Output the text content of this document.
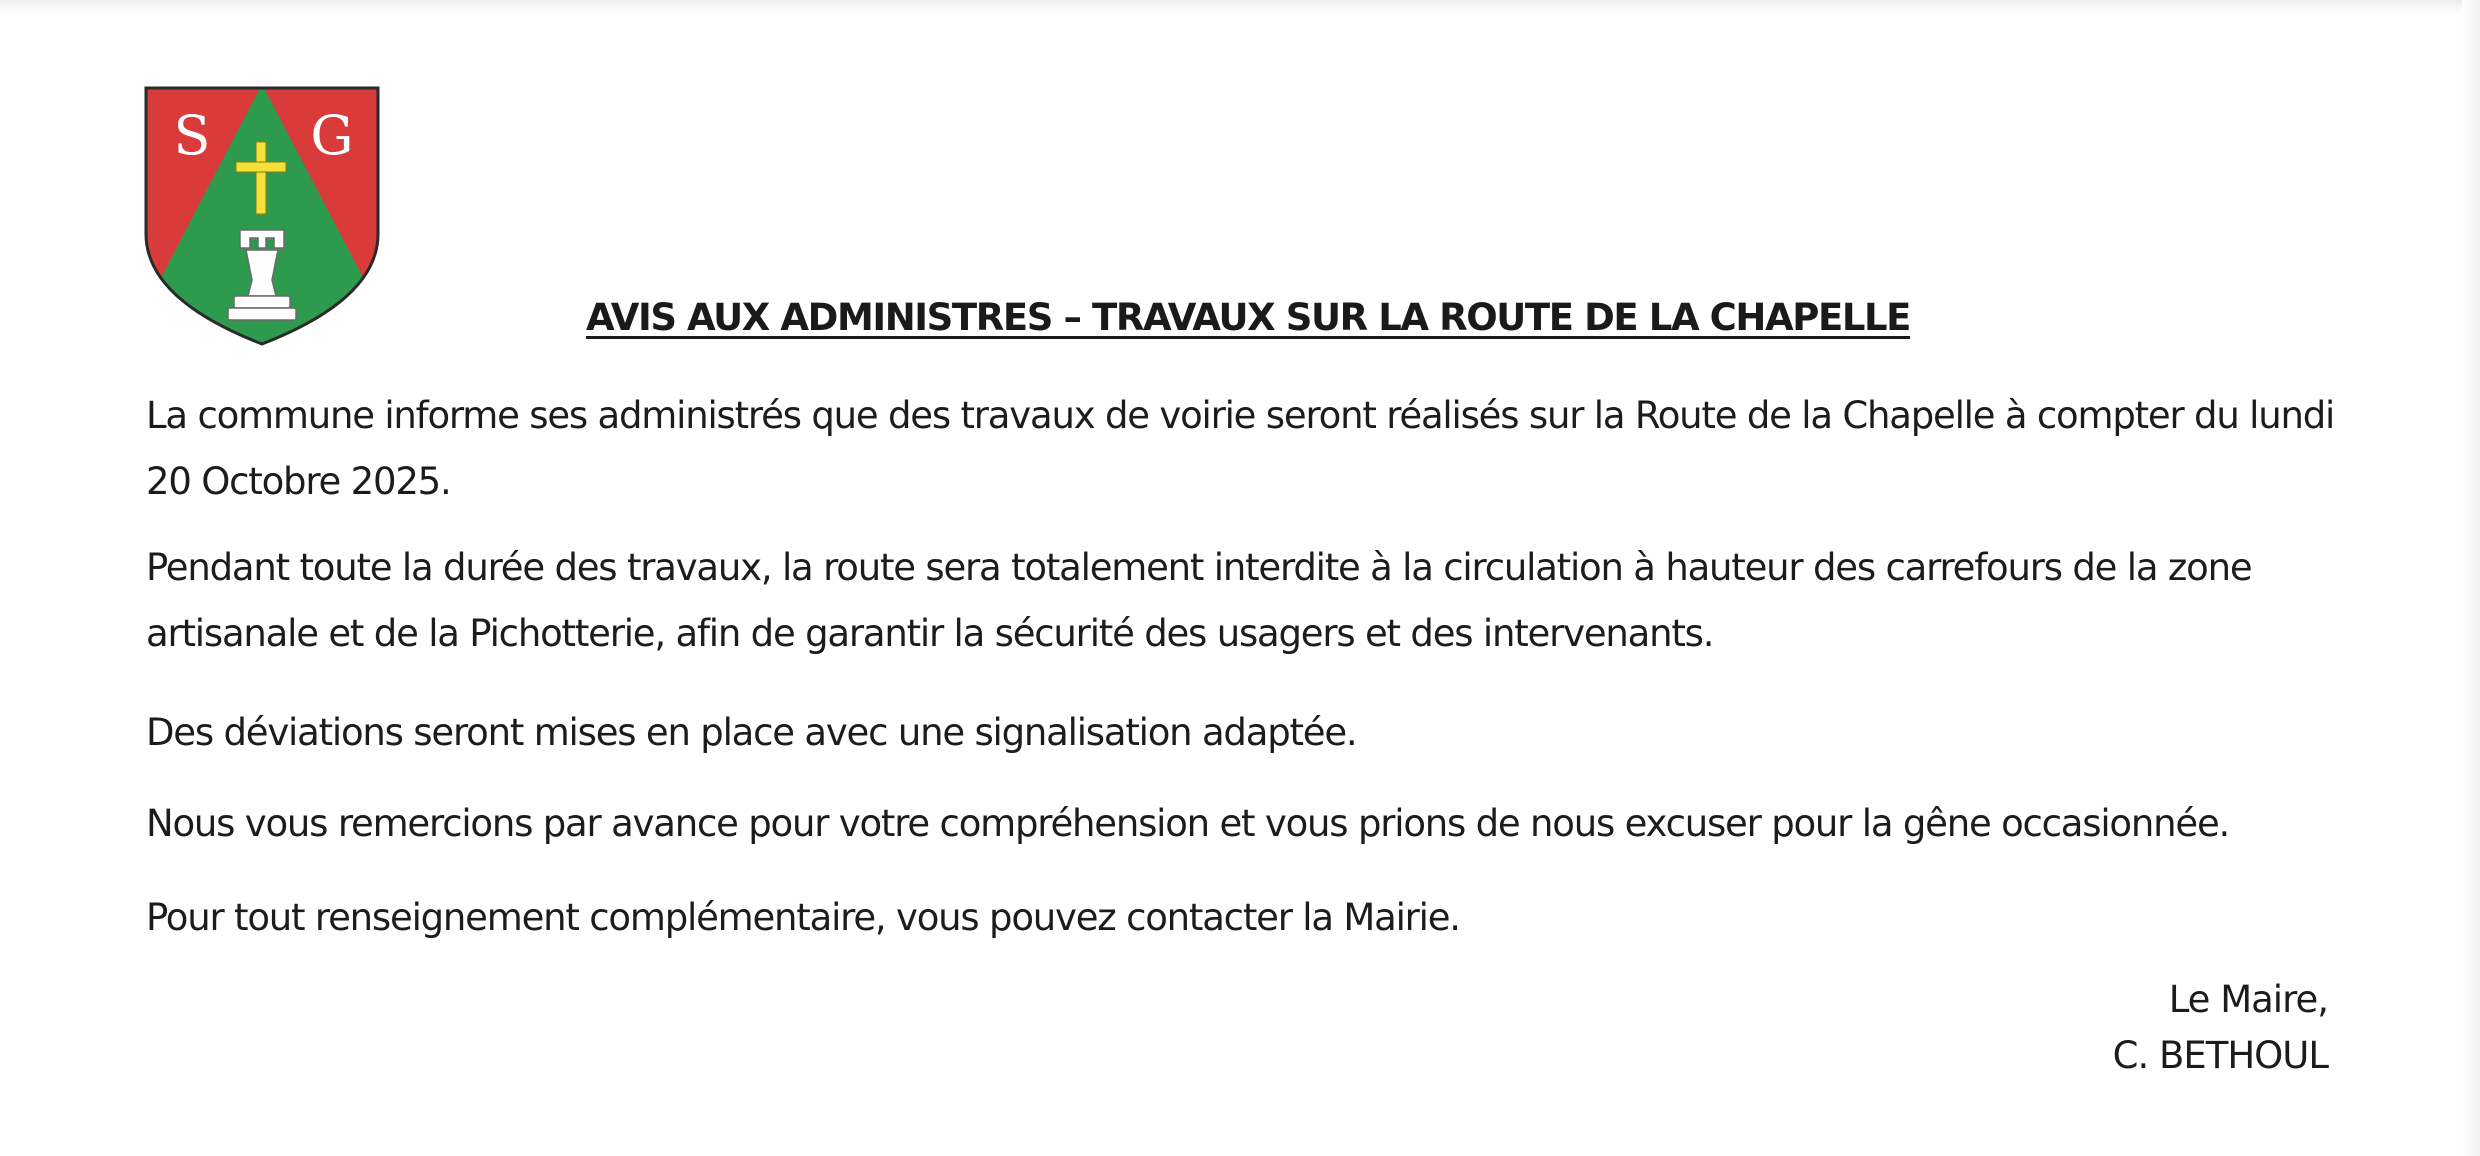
S G
AVIS AUX ADMINISTRES – TRAVAUX SUR LA ROUTE DE LA CHAPELLE

La commune informe ses administrés que des travaux de voirie seront réalisés sur la Route de la Chapelle à compter du lundi 20 Octobre 2025.

Pendant toute la durée des travaux, la route sera totalement interdite à la circulation à hauteur des carrefours de la zone artisanale et de la Pichotterie, afin de garantir la sécurité des usagers et des intervenants.

Des déviations seront mises en place avec une signalisation adaptée.

Nous vous remercions par avance pour votre compréhension et vous prions de nous excuser pour la gêne occasionnée.

Pour tout renseignement complémentaire, vous pouvez contacter la Mairie.

Le Maire,
C. BETHOUL
